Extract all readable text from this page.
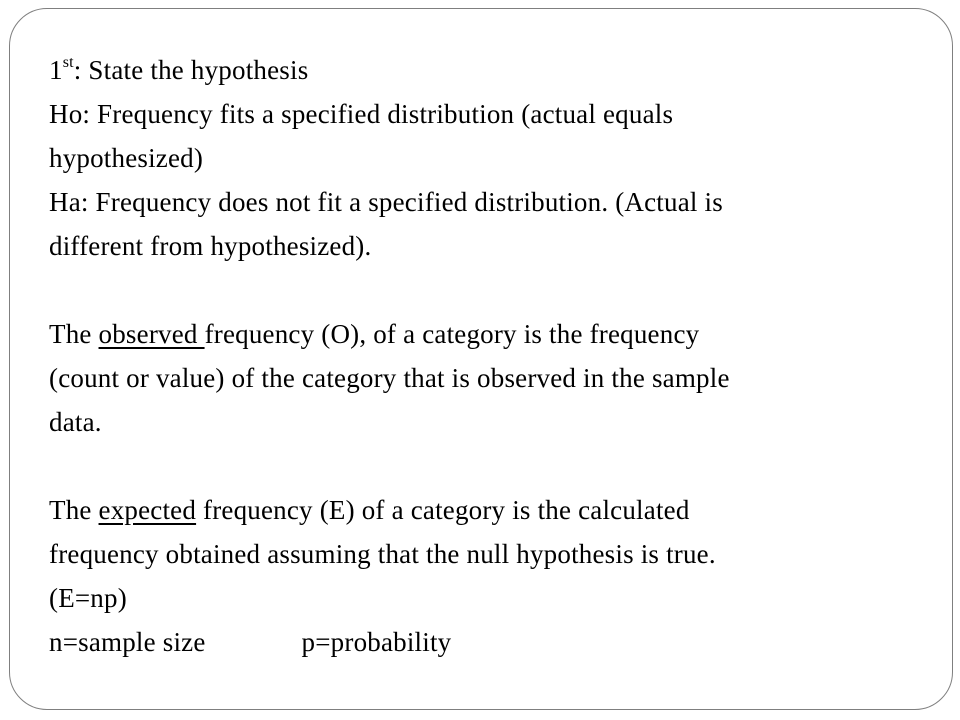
1st: State the hypothesis
Ho: Frequency fits a specified distribution (actual equals
hypothesized)
Ha: Frequency does not fit a specified distribution. (Actual is
different from hypothesized).
The observed frequency (O), of a category is the frequency
(count or value) of the category that is observed in the sample
data.
The expected frequency (E) of a category is the calculated
frequency obtained assuming that the null hypothesis is true.
(E=np)
n=sample size	p=probability
